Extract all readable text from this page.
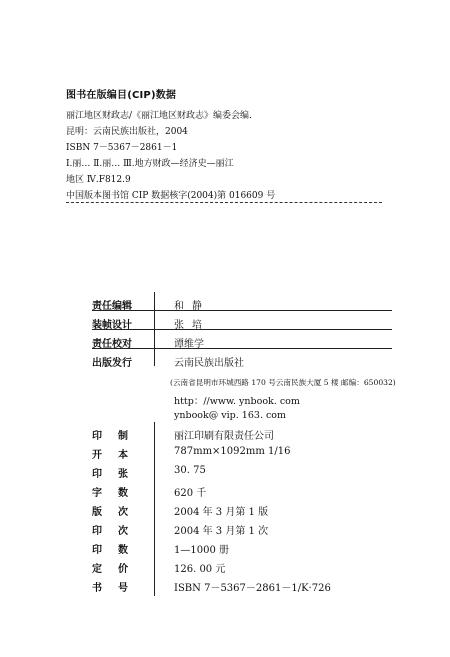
图书在版编目(CIP)数据
丽江地区财政志/《丽江地区财政志》编委会编．
昆明：云南民族出版社，2004
ISBN 7－5367－2861－1
Ⅰ.丽… Ⅱ.丽… Ⅲ.地方财政—经济史—丽江
地区 Ⅳ.F812.9
中国版本图书馆 CIP 数据核字(2004)第 016609 号
责任编辑	和静
装帧设计	张培
责任校对	谭维学
出版发行	云南民族出版社
(云南省昆明市环城西路 170 号云南民族大厦 5 楼 邮编：650032)
http：//www. ynbook. com
ynbook@ vip. 163. com
印制	丽江印刷有限责任公司
开本	787mm×1092mm 1/16
印张	30. 75
字数	620 千
版次	2004 年 3 月第 1 版
印次	2004 年 3 月第 1 次
印数	1—1000 册
定价	126. 00 元
书号	ISBN 7－5367－2861－1/K·726
